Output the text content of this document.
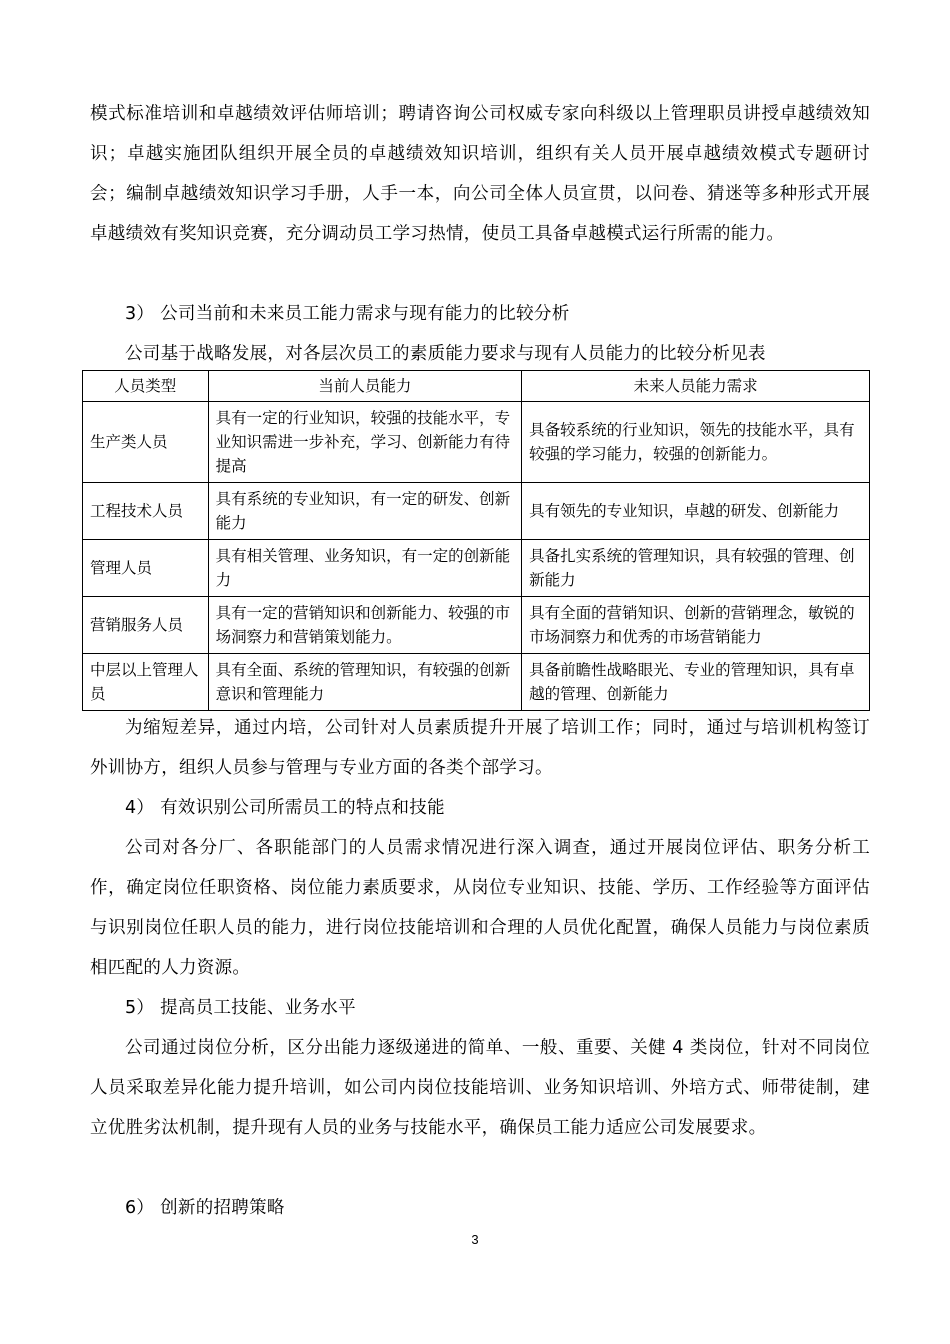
模式标准培训和卓越绩效评估师培训；聘请咨询公司权威专家向科级以上管理职员讲授卓越绩效知识；卓越实施团队组织开展全员的卓越绩效知识培训，组织有关人员开展卓越绩效模式专题研讨会；编制卓越绩效知识学习手册，人手一本，向公司全体人员宣贯，以问卷、猜迷等多种形式开展卓越绩效有奖知识竞赛，充分调动员工学习热情，使员工具备卓越模式运行所需的能力。

3） 公司当前和未来员工能力需求与现有能力的比较分析

公司基于战略发展，对各层次员工的素质能力要求与现有人员能力的比较分析见表

人员类型	当前人员能力	未来人员能力需求
生产类人员	具有一定的行业知识，较强的技能水平，专业知识需进一步补充，学习、创新能力有待提高	具备较系统的行业知识，领先的技能水平，具有较强的学习能力，较强的创新能力。
工程技术人员	具有系统的专业知识，有一定的研发、创新能力	具有领先的专业知识，卓越的研发、创新能力
管理人员	具有相关管理、业务知识，有一定的创新能力	具备扎实系统的管理知识，具有较强的管理、创新能力
营销服务人员	具有一定的营销知识和创新能力、较强的市场洞察力和营销策划能力。	具有全面的营销知识、创新的营销理念，敏锐的市场洞察力和优秀的市场营销能力
中层以上管理人员	具有全面、系统的管理知识，有较强的创新意识和管理能力	具备前瞻性战略眼光、专业的管理知识，具有卓越的管理、创新能力

为缩短差异，通过内培，公司针对人员素质提升开展了培训工作；同时，通过与培训机构签订外训协方，组织人员参与管理与专业方面的各类个部学习。

4） 有效识别公司所需员工的特点和技能

公司对各分厂、各职能部门的人员需求情况进行深入调查，通过开展岗位评估、职务分析工作，确定岗位任职资格、岗位能力素质要求，从岗位专业知识、技能、学历、工作经验等方面评估与识别岗位任职人员的能力，进行岗位技能培训和合理的人员优化配置，确保人员能力与岗位素质相匹配的人力资源。

5） 提高员工技能、业务水平

公司通过岗位分析，区分出能力逐级递进的简单、一般、重要、关健 4 类岗位，针对不同岗位人员采取差异化能力提升培训，如公司内岗位技能培训、业务知识培训、外培方式、师带徒制，建立优胜劣汰机制，提升现有人员的业务与技能水平，确保员工能力适应公司发展要求。

6） 创新的招聘策略

3
